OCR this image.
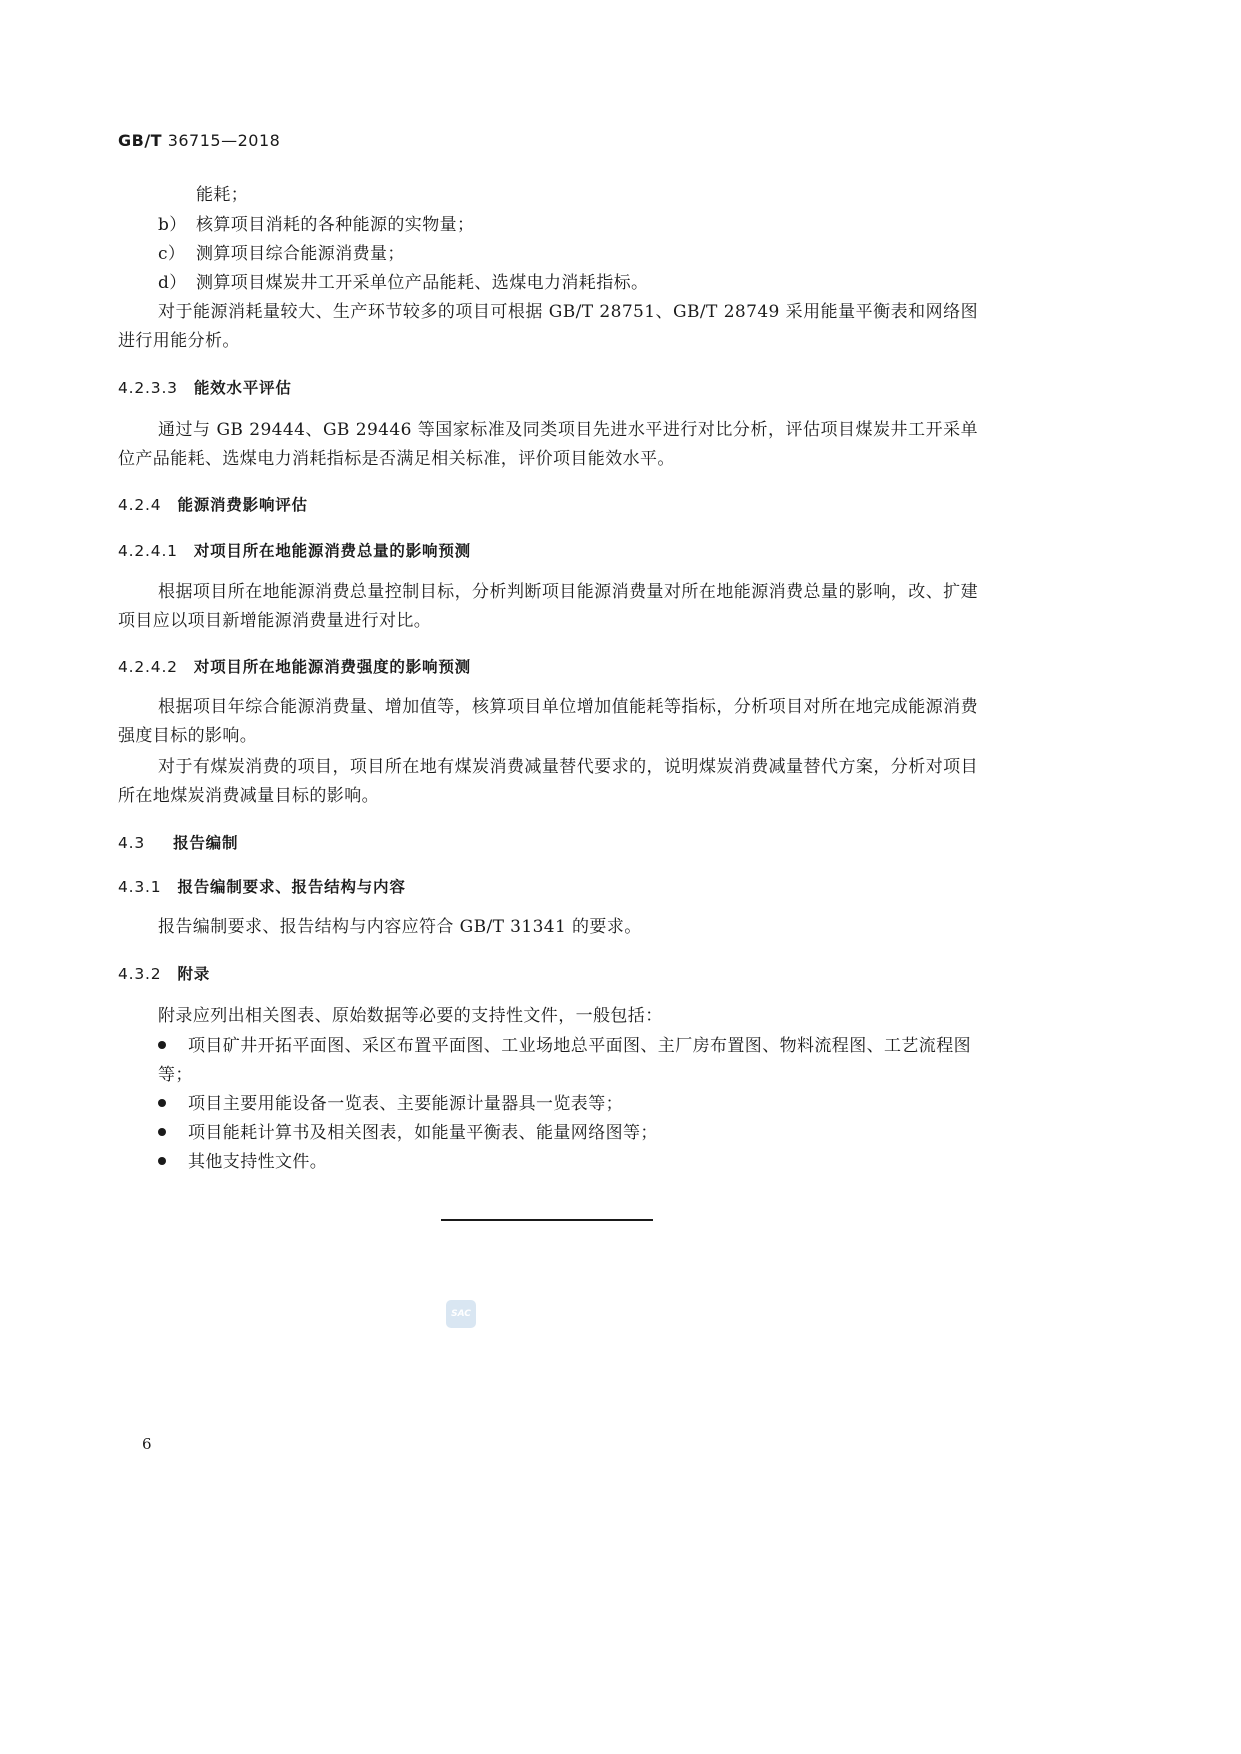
GB/T 36715—2018
能耗；
b） 核算项目消耗的各种能源的实物量；
c） 测算项目综合能源消费量；
d） 测算项目煤炭井工开采单位产品能耗、选煤电力消耗指标。
对于能源消耗量较大、生产环节较多的项目可根据 GB/T 28751、GB/T 28749 采用能量平衡表和网络图进行用能分析。
4.2.3.3 能效水平评估
通过与 GB 29444、GB 29446 等国家标准及同类项目先进水平进行对比分析，评估项目煤炭井工开采单位产品能耗、选煤电力消耗指标是否满足相关标准，评价项目能效水平。
4.2.4 能源消费影响评估
4.2.4.1 对项目所在地能源消费总量的影响预测
根据项目所在地能源消费总量控制目标，分析判断项目能源消费量对所在地能源消费总量的影响，改、扩建项目应以项目新增能源消费量进行对比。
4.2.4.2 对项目所在地能源消费强度的影响预测
根据项目年综合能源消费量、增加值等，核算项目单位增加值能耗等指标，分析项目对所在地完成能源消费强度目标的影响。
对于有煤炭消费的项目，项目所在地有煤炭消费减量替代要求的，说明煤炭消费减量替代方案，分析对项目所在地煤炭消费减量目标的影响。
4.3 报告编制
4.3.1 报告编制要求、报告结构与内容
报告编制要求、报告结构与内容应符合 GB/T 31341 的要求。
4.3.2 附录
附录应列出相关图表、原始数据等必要的支持性文件，一般包括：
项目矿井开拓平面图、采区布置平面图、工业场地总平面图、主厂房布置图、物料流程图、工艺流程图等；
项目主要用能设备一览表、主要能源计量器具一览表等；
项目能耗计算书及相关图表，如能量平衡表、能量网络图等；
其他支持性文件。
SAC
6
